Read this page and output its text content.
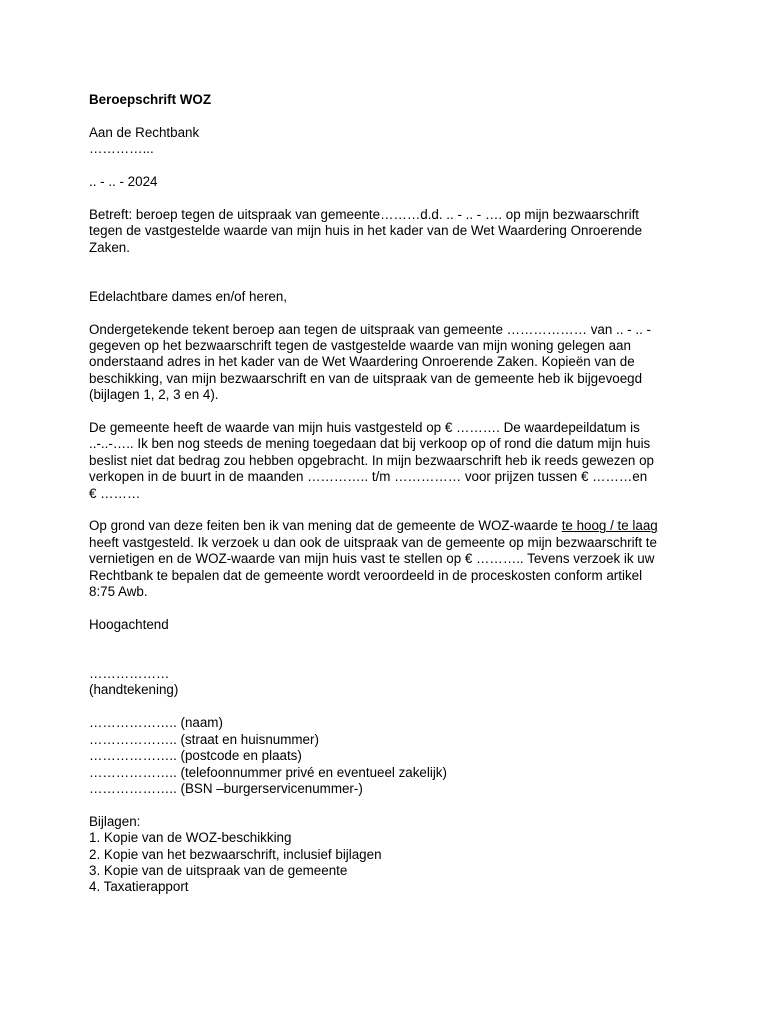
Beroepschrift WOZ
Aan de Rechtbank
…………...
.. - .. - 2024
Betreft: beroep tegen de uitspraak van gemeente………d.d. .. - .. - …. op mijn bezwaarschrift
tegen de vastgestelde waarde van mijn huis in het kader van de Wet Waardering Onroerende
Zaken.
Edelachtbare dames en/of heren,
Ondergetekende tekent beroep aan tegen de uitspraak van gemeente ……………… van .. - .. -
gegeven op het bezwaarschrift tegen de vastgestelde waarde van mijn woning gelegen aan
onderstaand adres in het kader van de Wet Waardering Onroerende Zaken. Kopieën van de
beschikking, van mijn bezwaarschrift en van de uitspraak van de gemeente heb ik bijgevoegd
(bijlagen 1, 2, 3 en 4).
De gemeente heeft de waarde van mijn huis vastgesteld op € ………. De waardepeildatum is
..-..-….. Ik ben nog steeds de mening toegedaan dat bij verkoop op of rond die datum mijn huis
beslist niet dat bedrag zou hebben opgebracht. In mijn bezwaarschrift heb ik reeds gewezen op
verkopen in de buurt in de maanden ………….. t/m …………… voor prijzen tussen € ………en
€ ………
Op grond van deze feiten ben ik van mening dat de gemeente de WOZ-waarde te hoog / te laag
heeft vastgesteld. Ik verzoek u dan ook de uitspraak van de gemeente op mijn bezwaarschrift te
vernietigen en de WOZ-waarde van mijn huis vast te stellen op € ……….. Tevens verzoek ik uw
Rechtbank te bepalen dat de gemeente wordt veroordeeld in de proceskosten conform artikel
8:75 Awb.
Hoogachtend
………………
(handtekening)
……………….. (naam)
……………….. (straat en huisnummer)
……………….. (postcode en plaats)
……………….. (telefoonnummer privé en eventueel zakelijk)
……………….. (BSN –burgerservicenummer-)
Bijlagen:
1. Kopie van de WOZ-beschikking
2. Kopie van het bezwaarschrift, inclusief bijlagen
3. Kopie van de uitspraak van de gemeente
4. Taxatierapport
